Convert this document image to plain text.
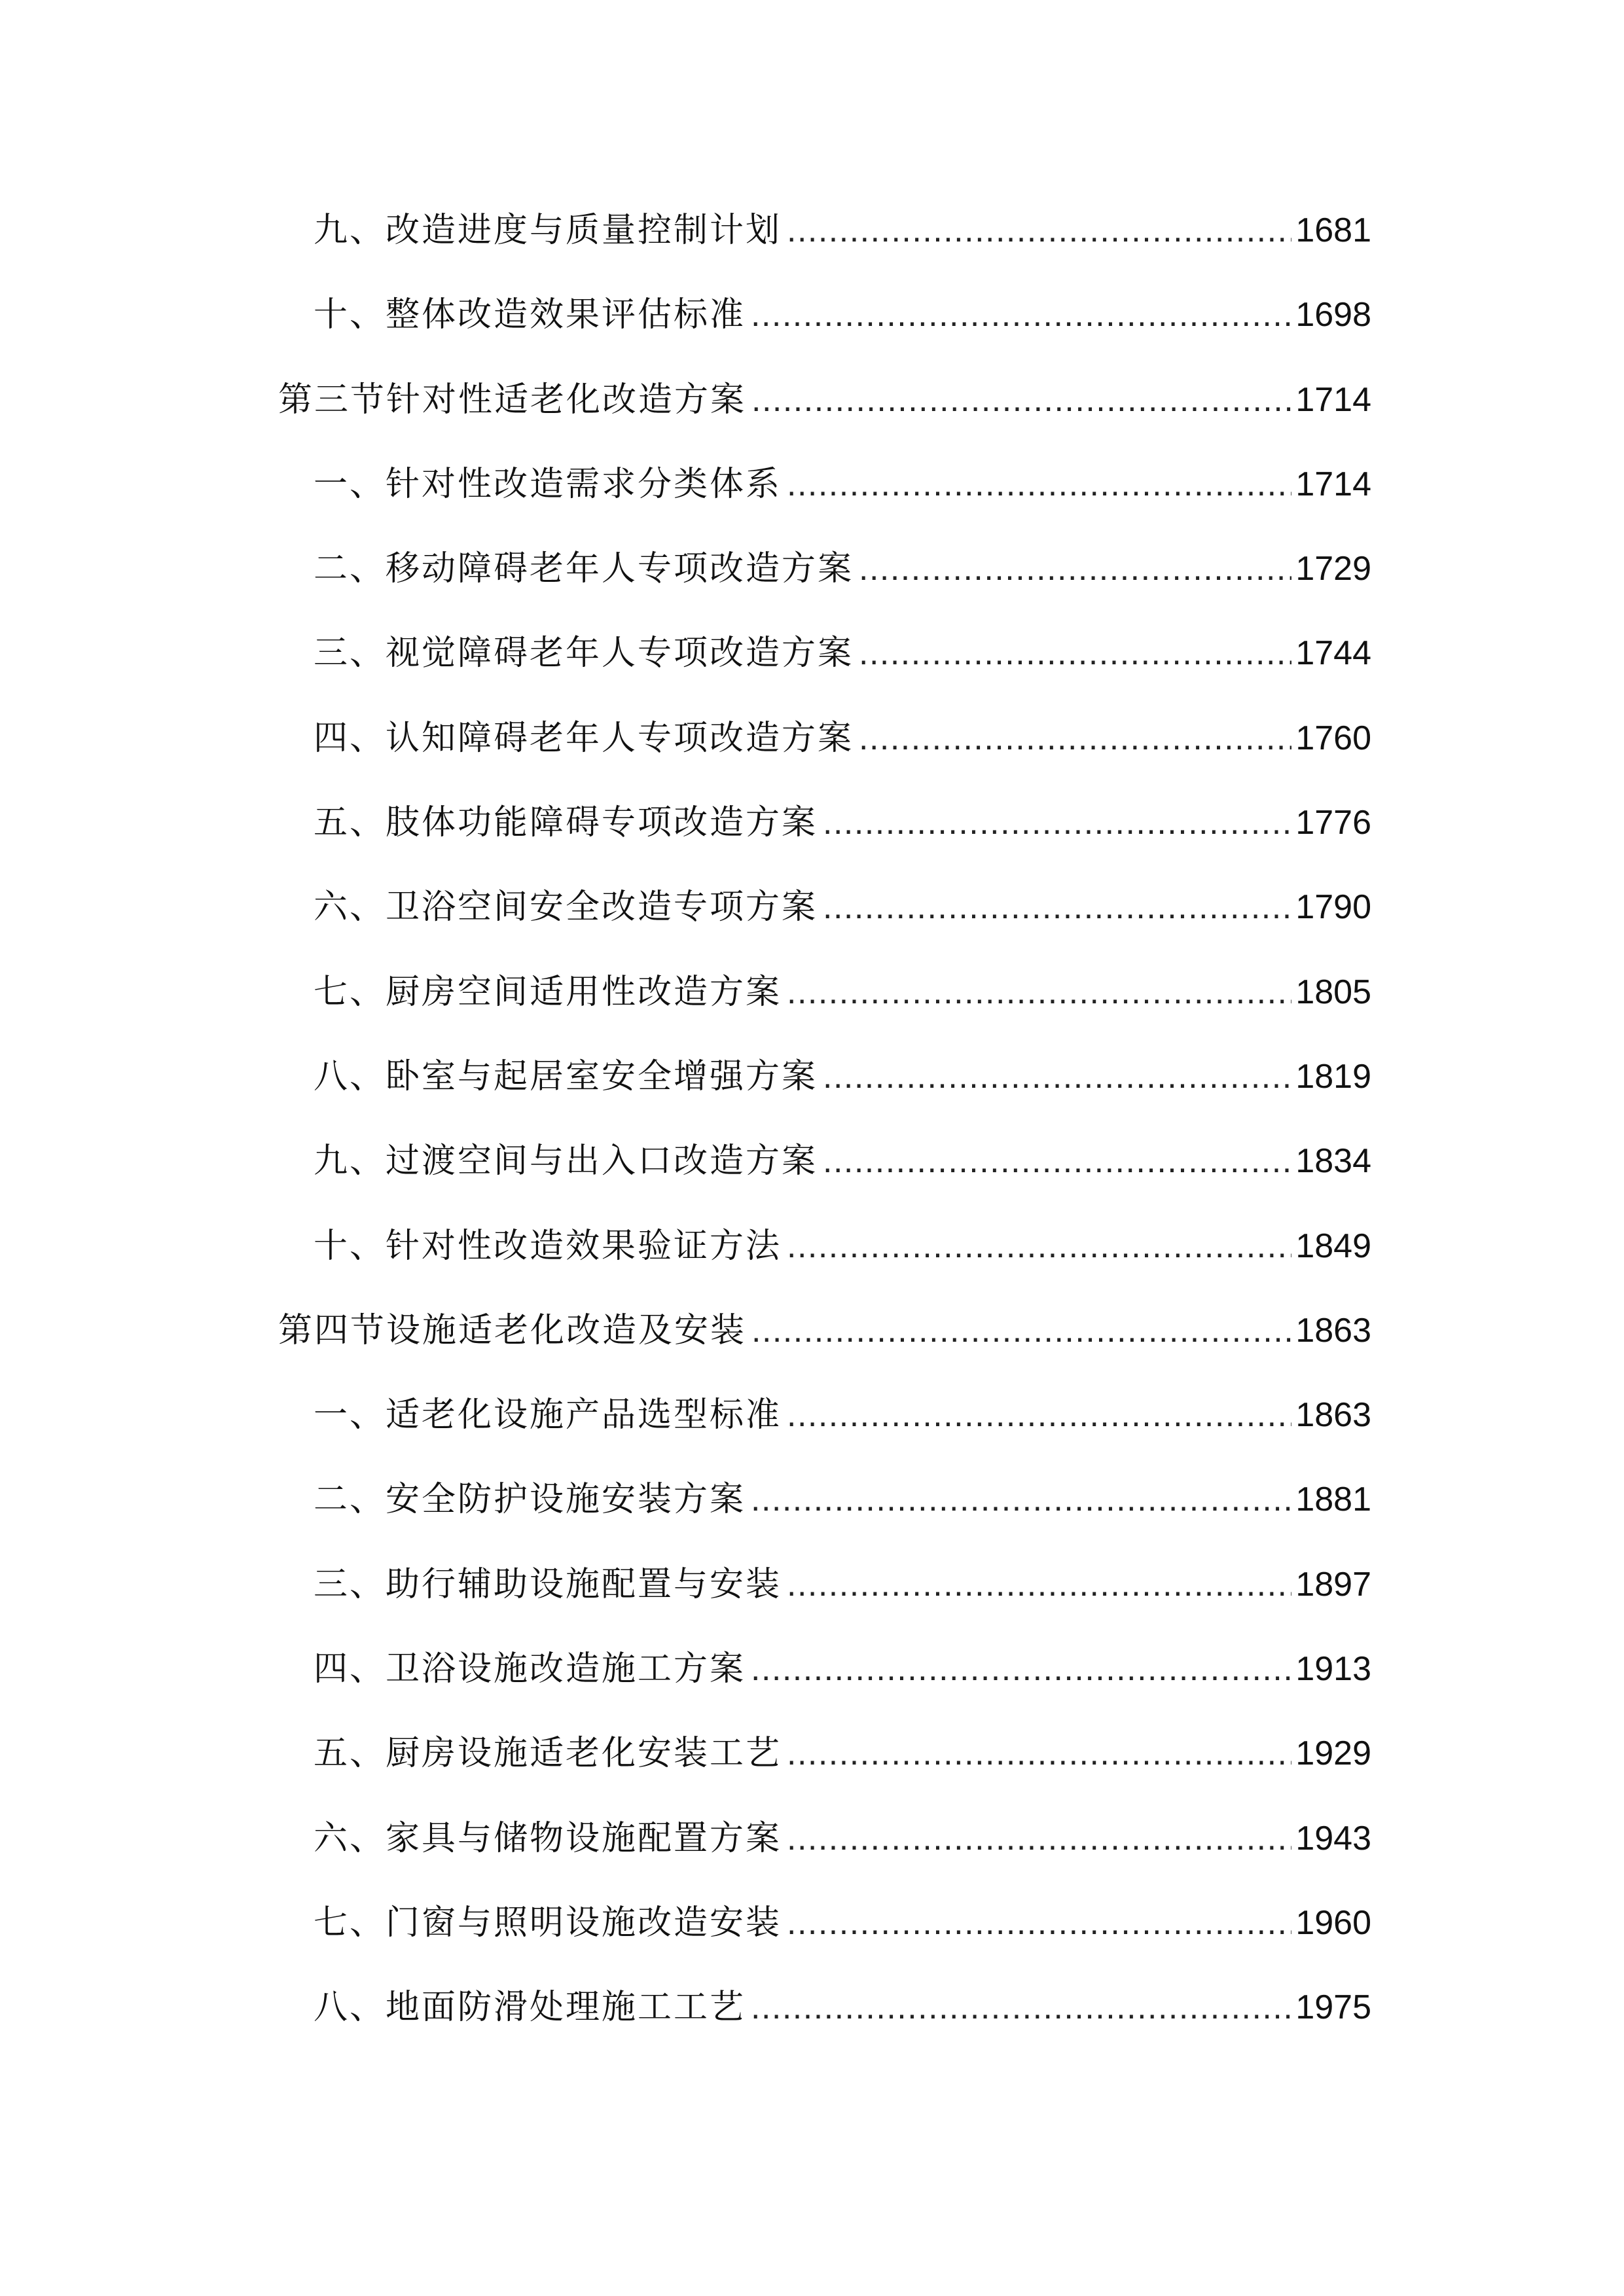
九、改造进度与质量控制计划 .....	1681
十、整体改造效果评估标准 .....	1698
第三节针对性适老化改造方案 .....	1714
一、针对性改造需求分类体系 .....	1714
二、移动障碍老年人专项改造方案 .....	1729
三、视觉障碍老年人专项改造方案 .....	1744
四、认知障碍老年人专项改造方案 .....	1760
五、肢体功能障碍专项改造方案 .....	1776
六、卫浴空间安全改造专项方案 .....	1790
七、厨房空间适用性改造方案 .....	1805
八、卧室与起居室安全增强方案 .....	1819
九、过渡空间与出入口改造方案 .....	1834
十、针对性改造效果验证方法 .....	1849
第四节设施适老化改造及安装 .....	1863
一、适老化设施产品选型标准 .....	1863
二、安全防护设施安装方案 .....	1881
三、助行辅助设施配置与安装 .....	1897
四、卫浴设施改造施工方案 .....	1913
五、厨房设施适老化安装工艺 .....	1929
六、家具与储物设施配置方案 .....	1943
七、门窗与照明设施改造安装 .....	1960
八、地面防滑处理施工工艺 .....	1975
